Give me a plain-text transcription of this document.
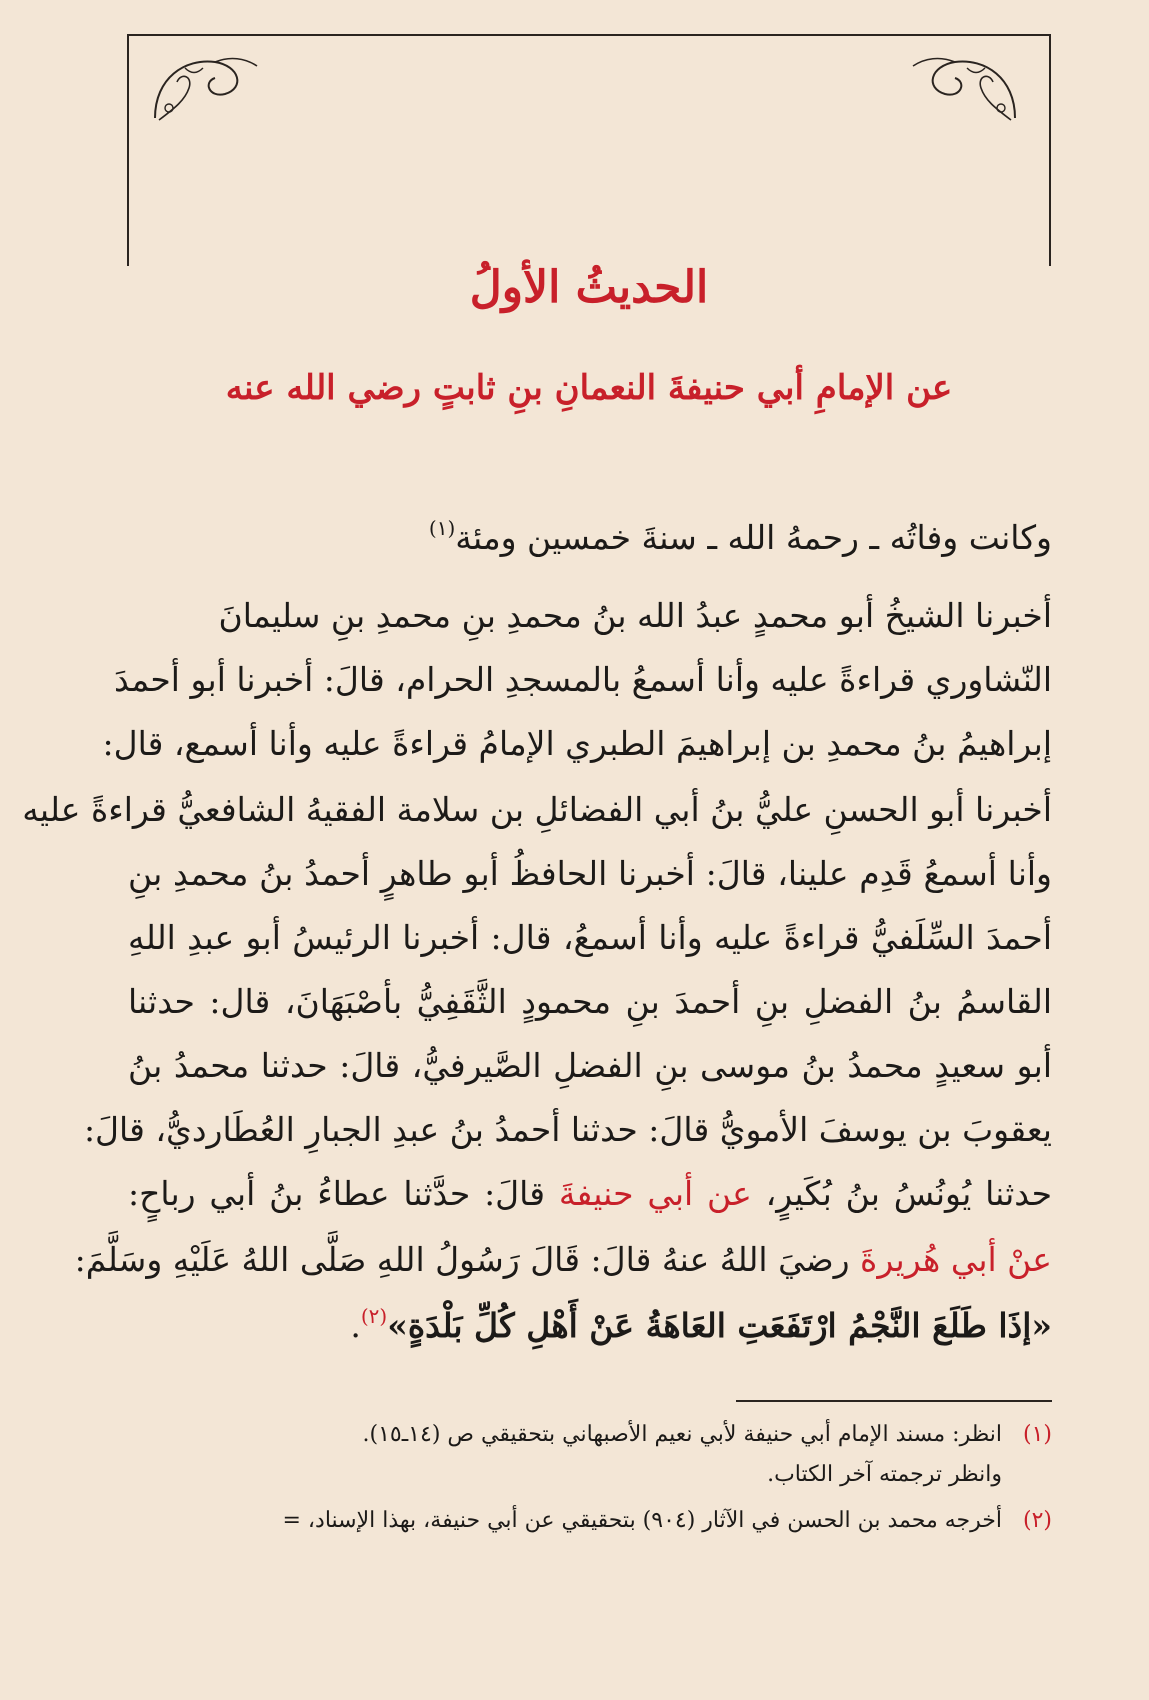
الحديثُ الأولُ
عن الإمامِ أبي حنيفةَ النعمانِ بنِ ثابتٍ رضي الله عنه
وكانت وفاتُه ـ رحمهُ الله ـ سنةَ خمسين ومئة$^{(١)}$
أخبرنا الشيخُ أبو محمدٍ عبدُ الله بنُ محمدِ بنِ محمدِ بنِ سليمانَ
النّشاوري قراءةً عليه وأنا أسمعُ بالمسجدِ الحرام، قالَ: أخبرنا أبو أحمدَ
إبراهيمُ بنُ محمدِ بن إبراهيمَ الطبري الإمامُ قراءةً عليه وأنا أسمع، قال:
أخبرنا أبو الحسنِ عليُّ بنُ أبي الفضائلِ بن سلامة الفقيهُ الشافعيُّ قراءةً عليه
وأنا أسمعُ قَدِم علينا، قالَ: أخبرنا الحافظُ أبو طاهرٍ أحمدُ بنُ محمدِ بنِ
أحمدَ السِّلَفيُّ قراءةً عليه وأنا أسمعُ، قال: أخبرنا الرئيسُ أبو عبدِ اللهِ
القاسمُ بنُ الفضلِ بنِ أحمدَ بنِ محمودٍ الثَّقَفِيُّ بأصْبَهَانَ، قال: حدثنا
أبو سعيدٍ محمدُ بنُ موسى بنِ الفضلِ الصَّيرفيُّ، قالَ: حدثنا محمدُ بنُ
يعقوبَ بن يوسفَ الأمويُّ قالَ: حدثنا أحمدُ بنُ عبدِ الجبارِ العُطَارديُّ، قالَ:
حدثنا يُونُسُ بنُ بُكَيرٍ، عن أبي حنيفةَ قالَ: حدَّثنا عطاءُ بنُ أبي رباحٍ:
عنْ أبي هُريرةَ رضيَ اللهُ عنهُ قالَ: قَالَ رَسُولُ اللهِ صَلَّى اللهُ عَلَيْهِ وسَلَّمَ:
«إذَا طَلَعَ النَّجْمُ ارْتَفَعَتِ العَاهَةُ عَنْ أَهْلِ كُلِّ بَلْدَةٍ»$^{(٢)}$.
(١)انظر: مسند الإمام أبي حنيفة لأبي نعيم الأصبهاني بتحقيقي ص (١٤ـ١٥).
وانظر ترجمته آخر الكتاب.
(٢)أخرجه محمد بن الحسن في الآثار (٩٠٤) بتحقيقي عن أبي حنيفة، بهذا الإسناد، =
